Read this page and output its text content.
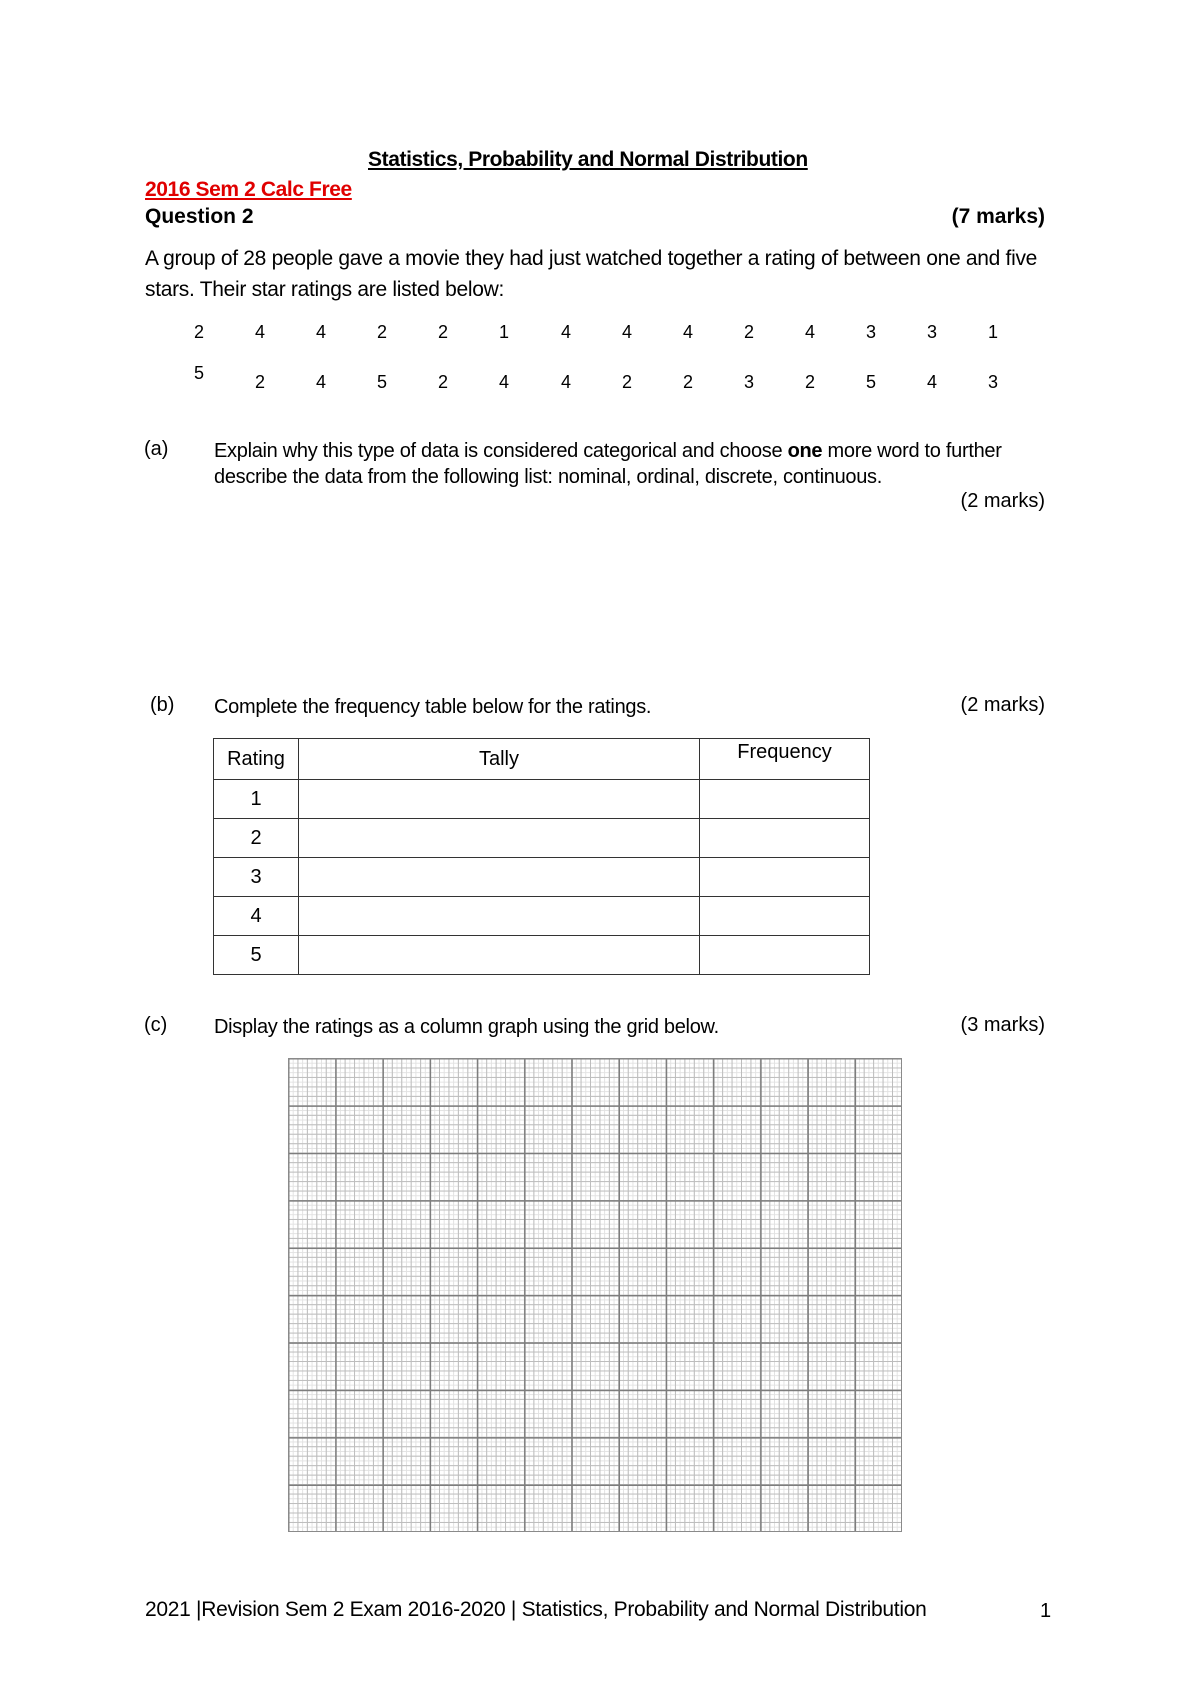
Statistics, Probability and Normal Distribution
2016 Sem 2 Calc Free
Question 2	(7 marks)
A group of 28 people gave a movie they had just watched together a rating of between one and five stars. Their star ratings are listed below:
2	4	4	2	2	1	4	4	4	2	4	3	3	1
5	2	4	5	2	4	4	2	2	3	2	5	4	3
(a) Explain why this type of data is considered categorical and choose one more word to further describe the data from the following list: nominal, ordinal, discrete, continuous.
(2 marks)
(b) Complete the frequency table below for the ratings.	(2 marks)
Rating	Tally	Frequency
1		
2		
3		
4		
5		
(c) Display the ratings as a column graph using the grid below.	(3 marks)
2021 |Revision Sem 2 Exam 2016-2020 | Statistics, Probability and Normal Distribution	1
